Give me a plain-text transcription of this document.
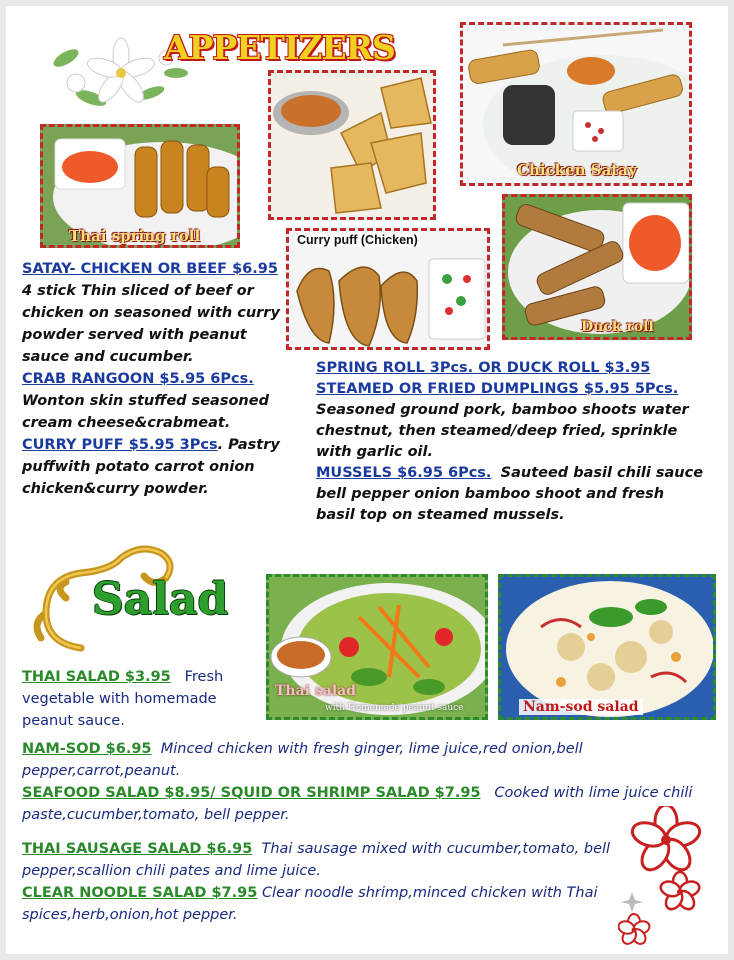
APPETIZERS
Thai spring roll
Chicken Satay
Curry puff (Chicken)
Duck roll
SATAY- CHICKEN OR BEEF $6.95
4 stick Thin sliced of beef or chicken on seasoned with curry powder served with peanut sauce and cucumber.
CRAB RANGOON $5.95 6Pcs.
Wonton skin stuffed seasoned cream cheese&crabmeat.
CURRY PUFF $5.95 3Pcs. Pastry puffwith potato carrot onion chicken&curry powder.
SPRING ROLL 3Pcs. OR DUCK ROLL $3.95
STEAMED OR FRIED DUMPLINGS $5.95 5Pcs.
Seasoned ground pork, bamboo shoots water chestnut, then steamed/deep fried, sprinkle with garlic oil.
MUSSELS $6.95 6Pcs. Sauteed basil chili sauce bell pepper onion bamboo shoot and fresh basil top on steamed mussels.
Salad
Thai salad
with Homemade peanut sauce	Nam-sod salad
THAI SALAD $3.95 Fresh vegetable with homemade peanut sauce.
NAM-SOD $6.95 Minced chicken with fresh ginger, lime juice,red onion,bell pepper,carrot,peanut.
SEAFOOD SALAD $8.95/ SQUID OR SHRIMP SALAD $7.95 Cooked with lime juice chili paste,cucumber,tomato, bell pepper.
THAI SAUSAGE SALAD $6.95 Thai sausage mixed with cucumber,tomato, bell pepper,scallion chili pates and lime juice.
CLEAR NOODLE SALAD $7.95 Clear noodle shrimp,minced chicken with Thai spices,herb,onion,hot pepper.
